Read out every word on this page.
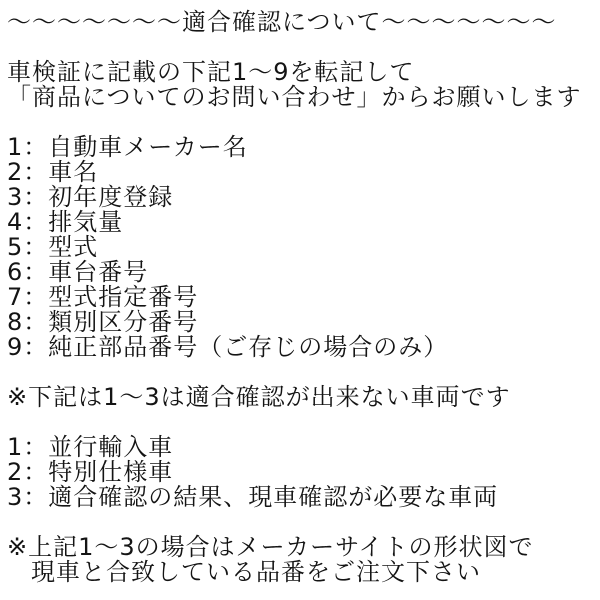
～～～～～～～適合確認について～～～～～～～
車検証に記載の下記1～9を転記して
「商品についてのお問い合わせ」からお願いします
1：自動車メーカー名
2：車名
3：初年度登録
4：排気量
5：型式
6：車台番号
7：型式指定番号
8：類別区分番号
9：純正部品番号（ご存じの場合のみ）
※下記は1～3は適合確認が出来ない車両です
1：並行輸入車
2：特別仕様車
3：適合確認の結果、現車確認が必要な車両
※上記1～3の場合はメーカーサイトの形状図で
現車と合致している品番をご注文下さい
